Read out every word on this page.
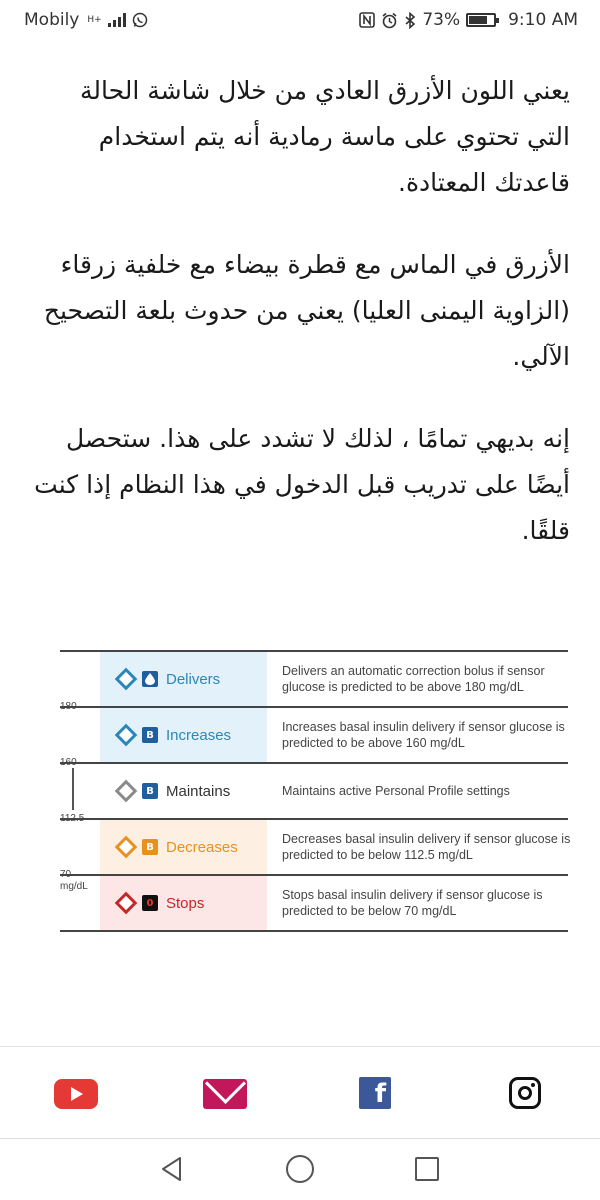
Mobily H+	73%	9:10 AM

يعني اللون الأزرق العادي من خلال شاشة الحالة التي تحتوي على ماسة رمادية أنه يتم استخدام قاعدتك المعتادة.

الأزرق في الماس مع قطرة بيضاء مع خلفية زرقاء (الزاوية اليمنى العليا) يعني من حدوث بلعة التصحيح الآلي.

إنه بديهي تمامًا ، لذلك لا تشدد على هذا. ستحصل أيضًا على تدريب قبل الدخول في هذا النظام إذا كنت قلقًا.

Delivers	Delivers an automatic correction bolus if sensor glucose is predicted to be above 180 mg/dL
B Increases	Increases basal insulin delivery if sensor glucose is predicted to be above 160 mg/dL
B Maintains	Maintains active Personal Profile settings
B Decreases	Decreases basal insulin delivery if sensor glucose is predicted to be below 112.5 mg/dL
0 Stops	Stops basal insulin delivery if sensor glucose is predicted to be below 70 mg/dL
180
160
112.5
70
mg/dL
f
